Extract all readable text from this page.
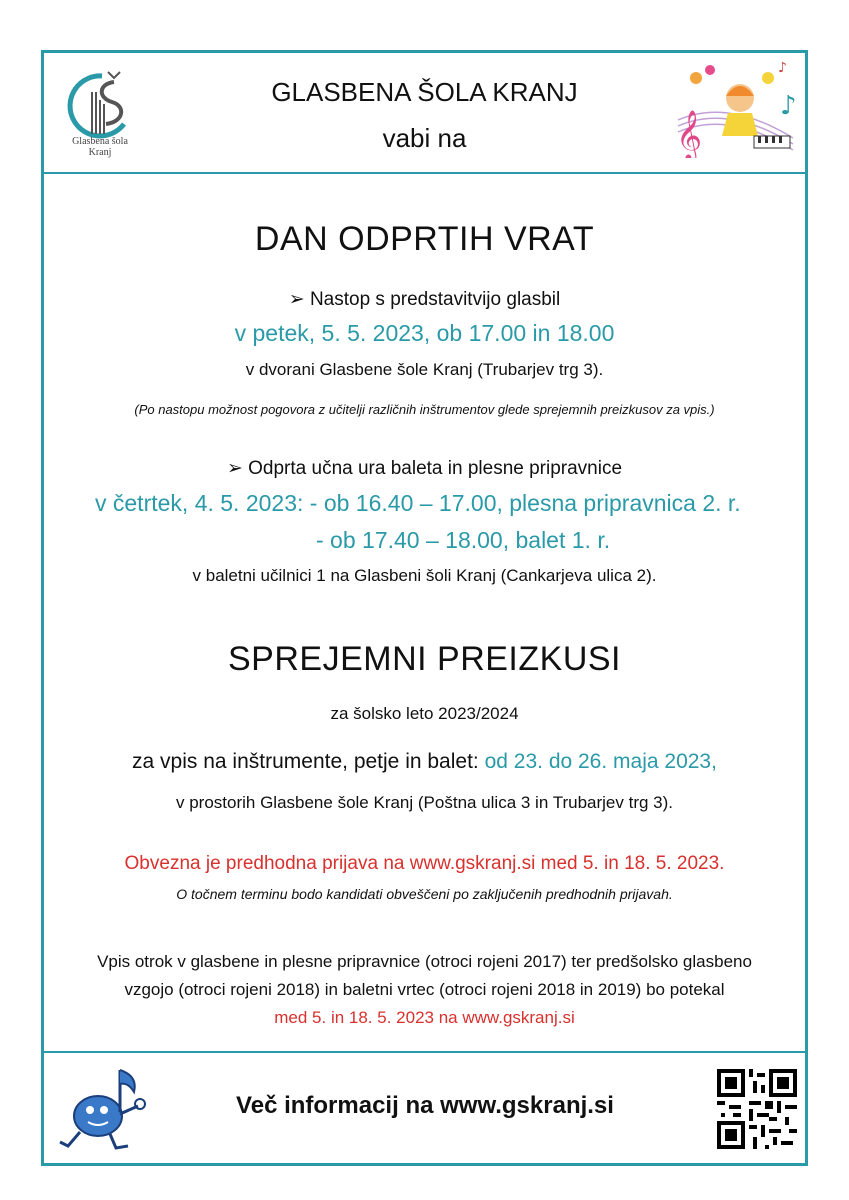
Glasbena šola
Kranj
GLASBENA ŠOLA KRANJ
vabi na	𝄞
♪
♪
DAN ODPRTIH VRAT
➢ Nastop s predstavitvijo glasbil
v petek, 5. 5. 2023, ob 17.00 in 18.00
v dvorani Glasbene šole Kranj (Trubarjev trg 3).
(Po nastopu možnost pogovora z učitelji različnih inštrumentov glede sprejemnih preizkusov za vpis.)
➢ Odprta učna ura baleta in plesne pripravnice
v četrtek, 4. 5. 2023: - ob 16.40 – 17.00, plesna pripravnica 2. r.
- ob 17.40 – 18.00, balet 1. r.
v baletni učilnici 1 na Glasbeni šoli Kranj (Cankarjeva ulica 2).
SPREJEMNI PREIZKUSI
za šolsko leto 2023/2024
za vpis na inštrumente, petje in balet: od 23. do 26. maja 2023,
v prostorih Glasbene šole Kranj (Poštna ulica 3 in Trubarjev trg 3).
Obvezna je predhodna prijava na www.gskranj.si med 5. in 18. 5. 2023.
O točnem terminu bodo kandidati obveščeni po zaključenih predhodnih prijavah.
Vpis otrok v glasbene in plesne pripravnice (otroci rojeni 2017) ter predšolsko glasbeno
vzgojo (otroci rojeni 2018) in baletni vrtec (otroci rojeni 2018 in 2019) bo potekal
med 5. in 18. 5. 2023 na www.gskranj.si
Več informacij na www.gskranj.si
